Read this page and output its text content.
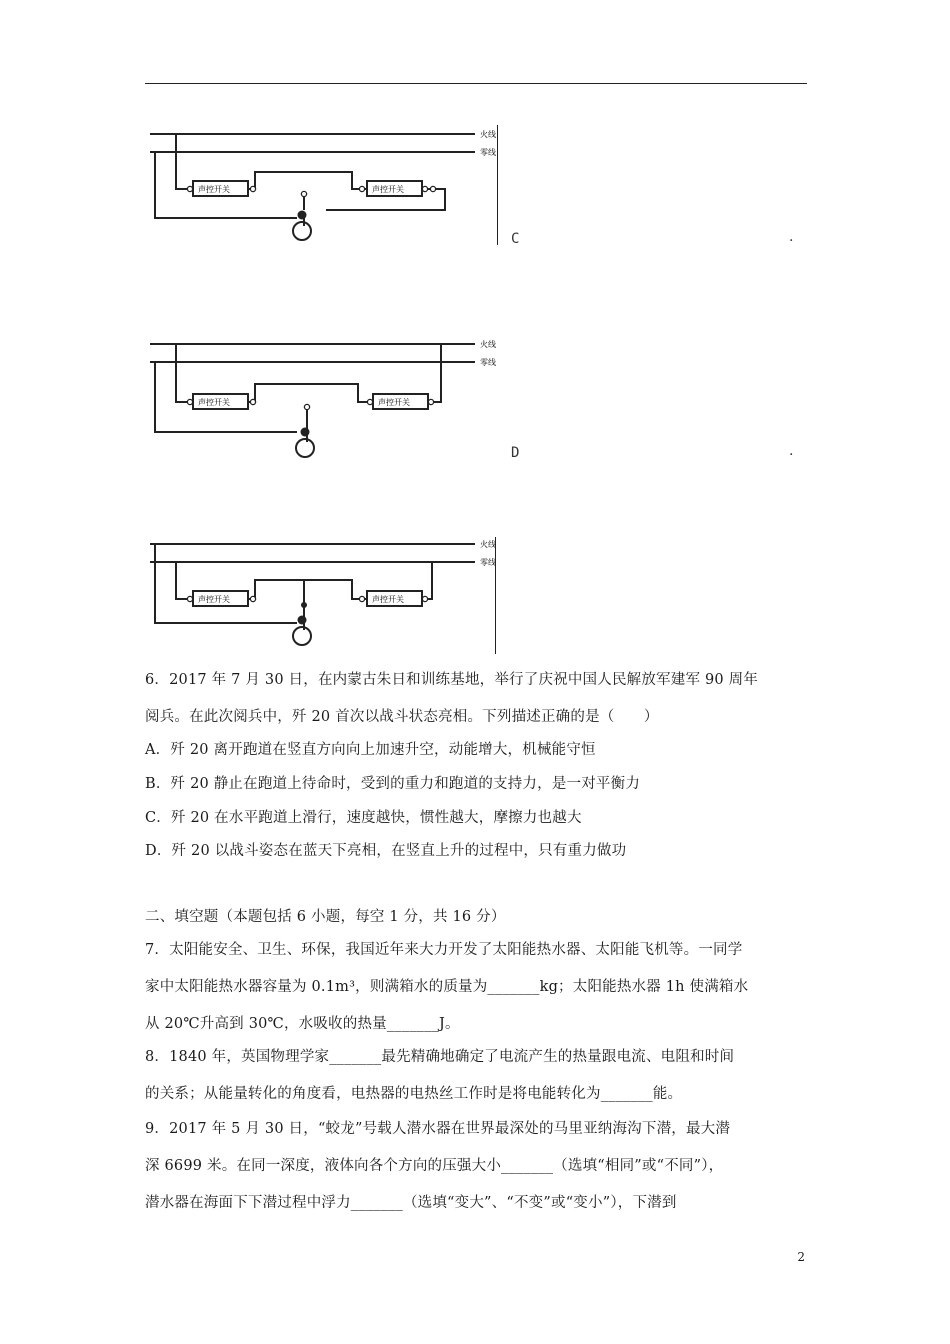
火线
零线
声控开关	声控开关
C	.
火线
零线
声控开关	声控开关
D	.
火线
零线
声控开关	声控开关
6．2017 年 7 月 30 日，在内蒙古朱日和训练基地，举行了庆祝中国人民解放军建军 90 周年
阅兵。在此次阅兵中，歼 20 首次以战斗状态亮相。下列描述正确的是（　　）
A．歼 20 离开跑道在竖直方向向上加速升空，动能增大，机械能守恒
B．歼 20 静止在跑道上待命时，受到的重力和跑道的支持力，是一对平衡力
C．歼 20 在水平跑道上滑行，速度越快，惯性越大，摩擦力也越大
D．歼 20 以战斗姿态在蓝天下亮相，在竖直上升的过程中，只有重力做功
二、填空题（本题包括 6 小题，每空 1 分，共 16 分）
7．太阳能安全、卫生、环保，我国近年来大力开发了太阳能热水器、太阳能飞机等。一同学
家中太阳能热水器容量为 0.1m³，则满箱水的质量为_______kg；太阳能热水器 1h 使满箱水
从 20℃升高到 30℃，水吸收的热量_______J。
8．1840 年，英国物理学家_______最先精确地确定了电流产生的热量跟电流、电阻和时间
的关系；从能量转化的角度看，电热器的电热丝工作时是将电能转化为_______能。
9．2017 年 5 月 30 日，“蛟龙”号载人潜水器在世界最深处的马里亚纳海沟下潜，最大潜
深 6699 米。在同一深度，液体向各个方向的压强大小_______（选填“相同”或“不同”），
潜水器在海面下下潜过程中浮力_______（选填“变大”、“不变”或“变小”），下潜到
2
